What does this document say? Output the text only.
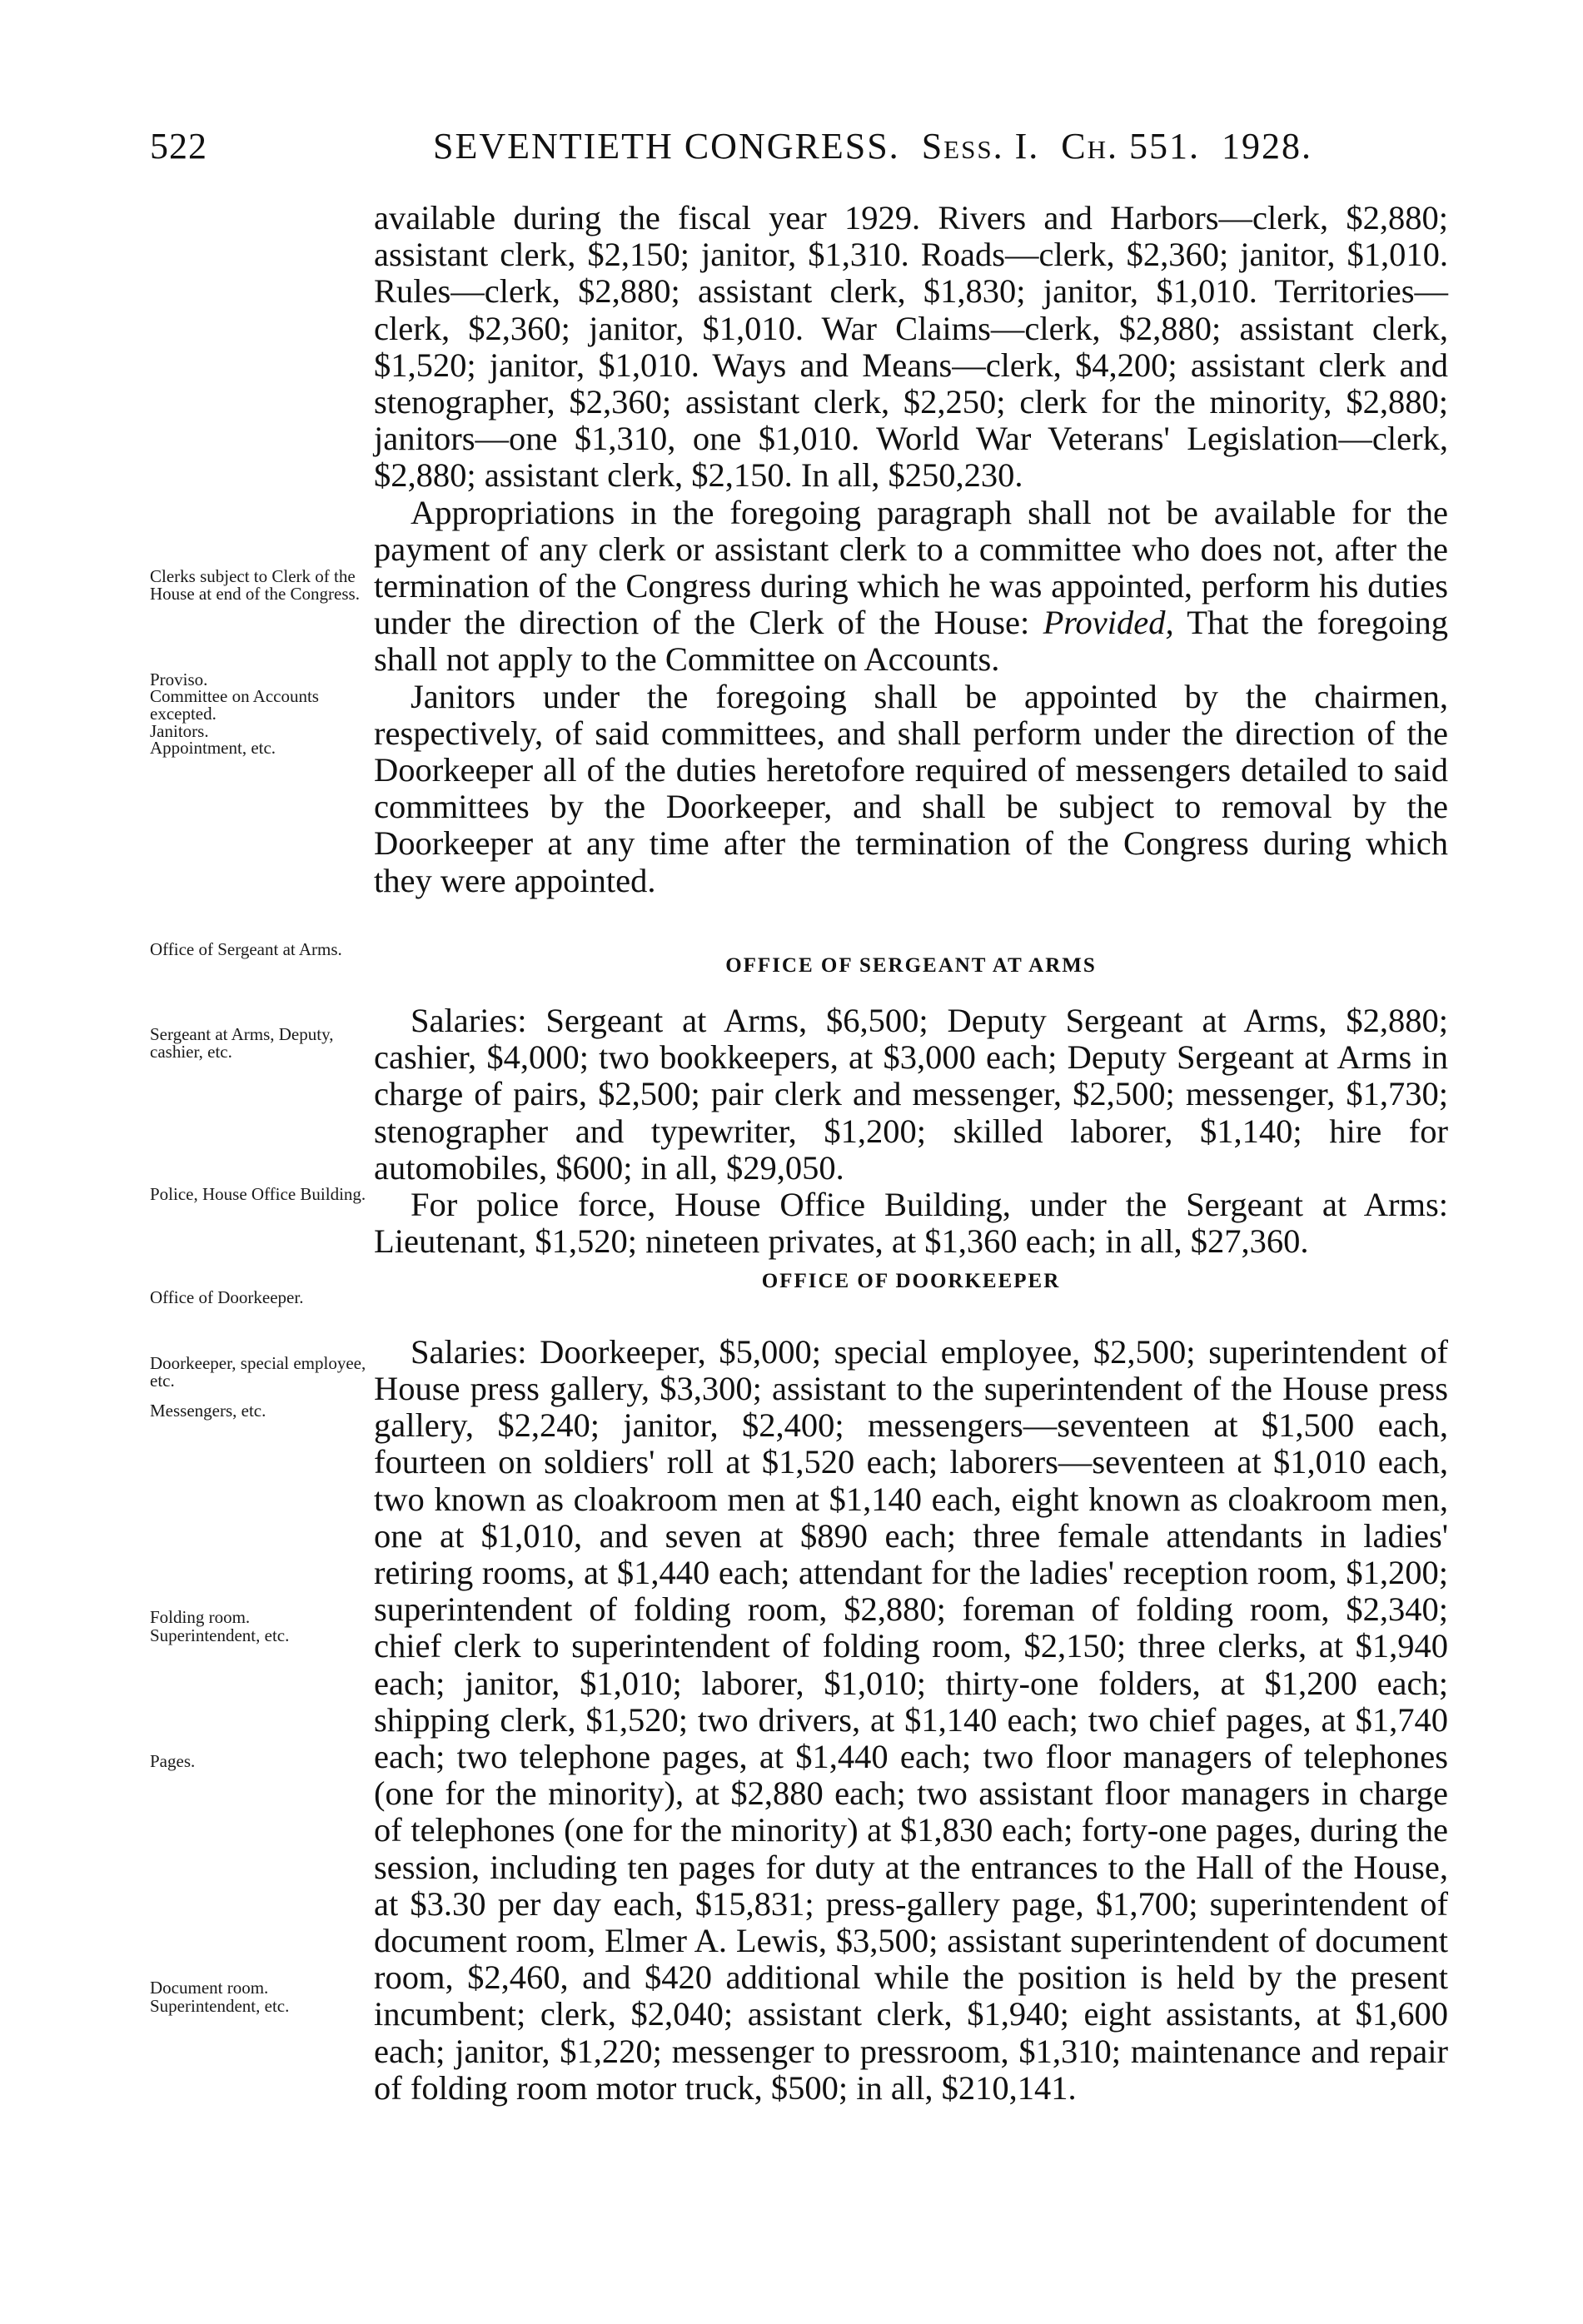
522	SEVENTIETH CONGRESS. Sess. I. Ch. 551. 1928.
Clerks subject to Clerk of the House at end of the Congress.
Proviso.
Committee on Accounts excepted.
Janitors.
Appointment, etc.
Office of Sergeant at Arms.
Sergeant at Arms, Deputy, cashier, etc.
Police, House Office Building.
Office of Doorkeeper.
Doorkeeper, special employee, etc.
Messengers, etc.
Folding room.
Superintendent, etc.
Pages.
Document room.
Superintendent, etc.

available during the fiscal year 1929. Rivers and Harbors—clerk, $2,880; assistant clerk, $2,150; janitor, $1,310. Roads—clerk, $2,360; janitor, $1,010. Rules—clerk, $2,880; assistant clerk, $1,830; janitor, $1,010. Territories—clerk, $2,360; janitor, $1,010. War Claims—clerk, $2,880; assistant clerk, $1,520; janitor, $1,010. Ways and Means—clerk, $4,200; assistant clerk and stenographer, $2,360; assistant clerk, $2,250; clerk for the minority, $2,880; janitors—one $1,310, one $1,010. World War Veterans' Legislation—clerk, $2,880; assistant clerk, $2,150. In all, $250,230.

Appropriations in the foregoing paragraph shall not be available for the payment of any clerk or assistant clerk to a committee who does not, after the termination of the Congress during which he was appointed, perform his duties under the direction of the Clerk of the House: Provided, That the foregoing shall not apply to the Committee on Accounts.

Janitors under the foregoing shall be appointed by the chairmen, respectively, of said committees, and shall perform under the direction of the Doorkeeper all of the duties heretofore required of messengers detailed to said committees by the Doorkeeper, and shall be subject to removal by the Doorkeeper at any time after the termination of the Congress during which they were appointed.

OFFICE OF SERGEANT AT ARMS

Salaries: Sergeant at Arms, $6,500; Deputy Sergeant at Arms, $2,880; cashier, $4,000; two bookkeepers, at $3,000 each; Deputy Sergeant at Arms in charge of pairs, $2,500; pair clerk and messenger, $2,500; messenger, $1,730; stenographer and typewriter, $1,200; skilled laborer, $1,140; hire for automobiles, $600; in all, $29,050.

For police force, House Office Building, under the Sergeant at Arms: Lieutenant, $1,520; nineteen privates, at $1,360 each; in all, $27,360.

OFFICE OF DOORKEEPER

Salaries: Doorkeeper, $5,000; special employee, $2,500; superintendent of House press gallery, $3,300; assistant to the superintendent of the House press gallery, $2,240; janitor, $2,400; messengers—seventeen at $1,500 each, fourteen on soldiers' roll at $1,520 each; laborers—seventeen at $1,010 each, two known as cloakroom men at $1,140 each, eight known as cloakroom men, one at $1,010, and seven at $890 each; three female attendants in ladies' retiring rooms, at $1,440 each; attendant for the ladies' reception room, $1,200; superintendent of folding room, $2,880; foreman of folding room, $2,340; chief clerk to superintendent of folding room, $2,150; three clerks, at $1,940 each; janitor, $1,010; laborer, $1,010; thirty-one folders, at $1,200 each; shipping clerk, $1,520; two drivers, at $1,140 each; two chief pages, at $1,740 each; two telephone pages, at $1,440 each; two floor managers of telephones (one for the minority), at $2,880 each; two assistant floor managers in charge of telephones (one for the minority) at $1,830 each; forty-one pages, during the session, including ten pages for duty at the entrances to the Hall of the House, at $3.30 per day each, $15,831; press-gallery page, $1,700; superintendent of document room, Elmer A. Lewis, $3,500; assistant superintendent of document room, $2,460, and $420 additional while the position is held by the present incumbent; clerk, $2,040; assistant clerk, $1,940; eight assistants, at $1,600 each; janitor, $1,220; messenger to pressroom, $1,310; maintenance and repair of folding room motor truck, $500; in all, $210,141.
